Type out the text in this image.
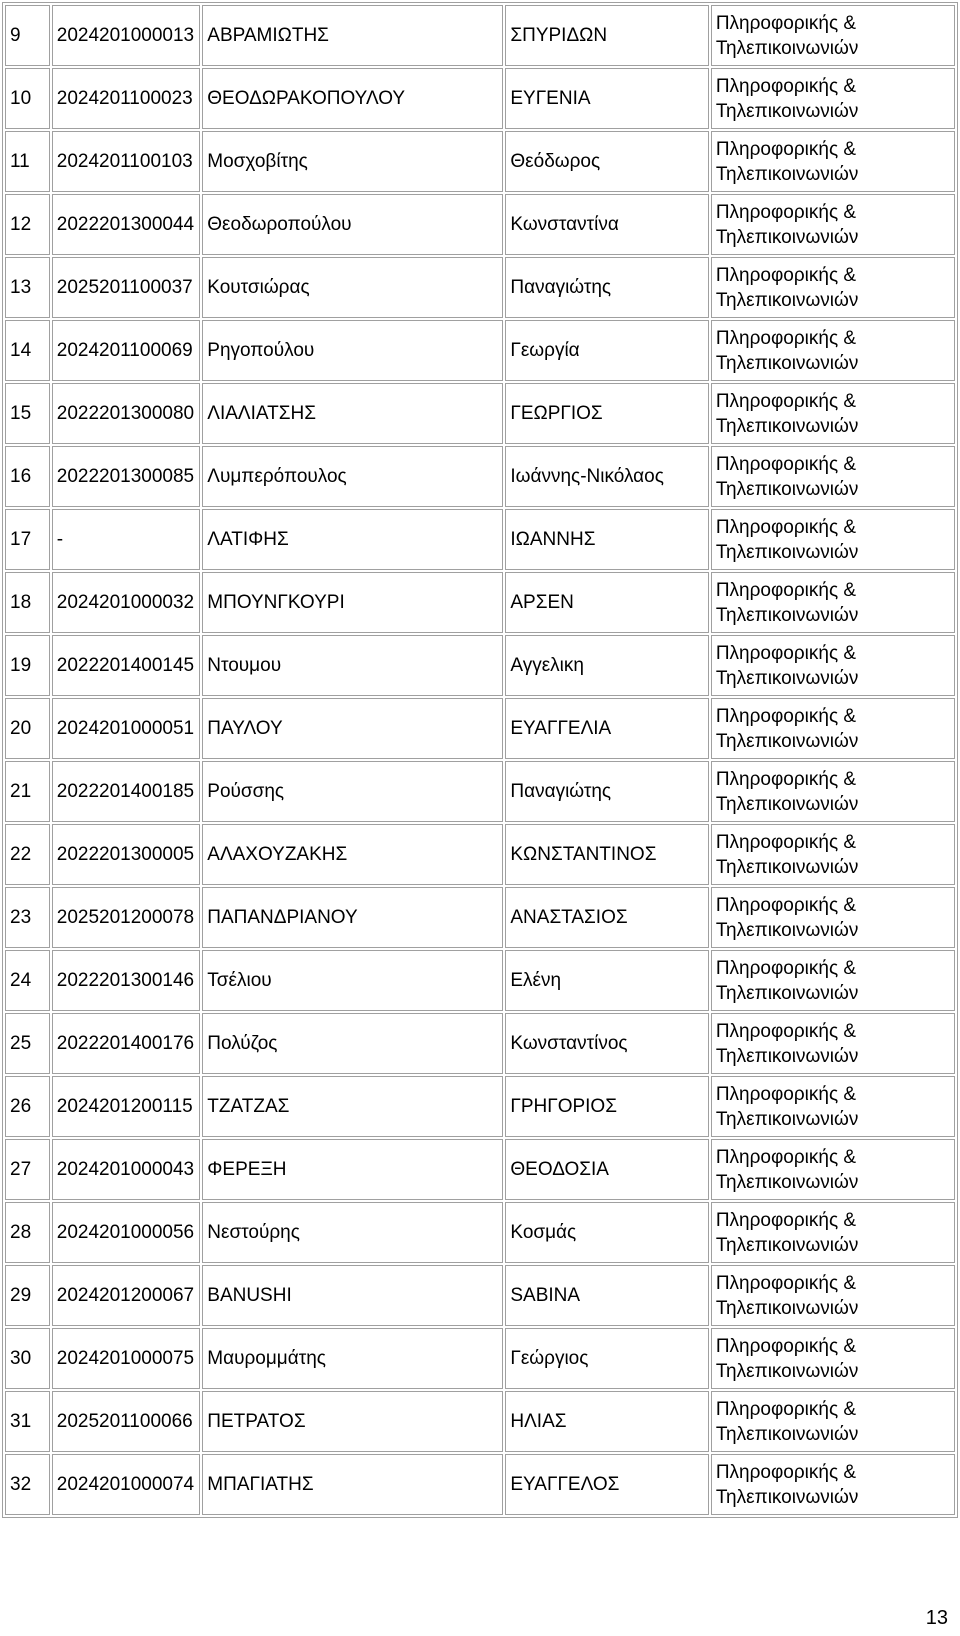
9	2024201000013	ΑΒΡΑΜΙΩΤΗΣ	ΣΠΥΡΙΔΩΝ	Πληροφορικής &
Τηλεπικοινωνιών

10	2024201100023	ΘΕΟΔΩΡΑΚΟΠΟΥΛΟΥ	ΕΥΓΕΝΙΑ	Πληροφορικής &
Τηλεπικοινωνιών

11	2024201100103	Μοσχοβίτης	Θεόδωρος	Πληροφορικής &
Τηλεπικοινωνιών

12	2022201300044	Θεοδωροπούλου	Κωνσταντίνα	Πληροφορικής &
Τηλεπικοινωνιών

13	2025201100037	Κουτσιώρας	Παναγιώτης	Πληροφορικής &
Τηλεπικοινωνιών

14	2024201100069	Ρηγοπούλου	Γεωργία	Πληροφορικής &
Τηλεπικοινωνιών

15	2022201300080	ΛΙΑΛΙΑΤΣΗΣ	ΓΕΩΡΓΙΟΣ	Πληροφορικής &
Τηλεπικοινωνιών

16	2022201300085	Λυμπερόπουλος	Ιωάννης-Νικόλαος	Πληροφορικής &
Τηλεπικοινωνιών

17	-	ΛΑΤΙΦΗΣ	ΙΩΑΝΝΗΣ	Πληροφορικής &
Τηλεπικοινωνιών

18	2024201000032	ΜΠΟΥΝΓΚΟΥΡΙ	ΑΡΣΕΝ	Πληροφορικής &
Τηλεπικοινωνιών

19	2022201400145	Ντουμου	Αγγελικη	Πληροφορικής &
Τηλεπικοινωνιών

20	2024201000051	ΠΑΥΛΟΥ	ΕΥΑΓΓΕΛΙΑ	Πληροφορικής &
Τηλεπικοινωνιών

21	2022201400185	Ρούσσης	Παναγιώτης	Πληροφορικής &
Τηλεπικοινωνιών

22	2022201300005	ΑΛΑΧΟΥΖΑΚΗΣ	ΚΩΝΣΤΑΝΤΙΝΟΣ	Πληροφορικής &
Τηλεπικοινωνιών

23	2025201200078	ΠΑΠΑΝΔΡΙΑΝΟΥ	ΑΝΑΣΤΑΣΙΟΣ	Πληροφορικής &
Τηλεπικοινωνιών

24	2022201300146	Τσέλιου	Ελένη	Πληροφορικής &
Τηλεπικοινωνιών

25	2022201400176	Πολύζος	Κωνσταντίνος	Πληροφορικής &
Τηλεπικοινωνιών

26	2024201200115	ΤΖΑΤΖΑΣ	ΓΡΗΓΟΡΙΟΣ	Πληροφορικής &
Τηλεπικοινωνιών

27	2024201000043	ΦΕΡΕΞΗ	ΘΕΟΔΟΣΙΑ	Πληροφορικής &
Τηλεπικοινωνιών

28	2024201000056	Νεστούρης	Κοσμάς	Πληροφορικής &
Τηλεπικοινωνιών

29	2024201200067	BANUSHI	SABINA	Πληροφορικής &
Τηλεπικοινωνιών

30	2024201000075	Μαυρομμάτης	Γεώργιος	Πληροφορικής &
Τηλεπικοινωνιών

31	2025201100066	ΠΕΤΡΑΤΟΣ	ΗΛΙΑΣ	Πληροφορικής &
Τηλεπικοινωνιών

32	2024201000074	ΜΠΑΓΙΑΤΗΣ	ΕΥΑΓΓΕΛΟΣ	Πληροφορικής &
Τηλεπικοινωνιών
13
